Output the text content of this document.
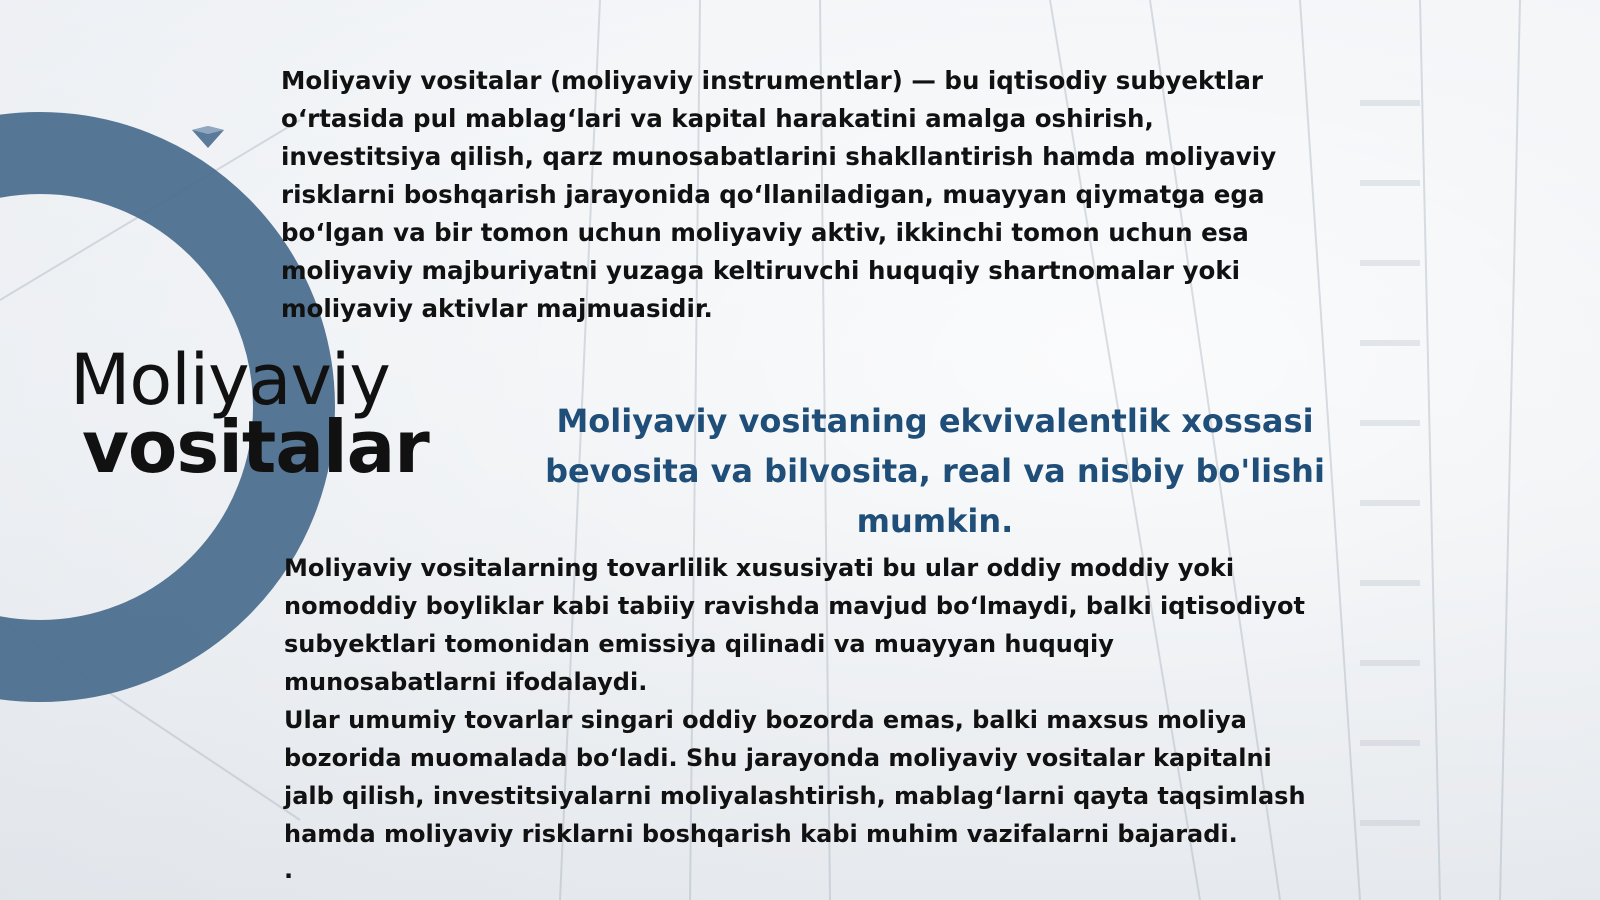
Moliyaviy
vositalar

Moliyaviy vositalar (moliyaviy instrumentlar) — bu iqtisodiy subyektlar o‘rtasida pul mablag‘lari va kapital harakatini amalga oshirish, investitsiya qilish, qarz munosabatlarini shakllantirish hamda moliyaviy risklarni boshqarish jarayonida qo‘llaniladigan, muayyan qiymatga ega bo‘lgan va bir tomon uchun moliyaviy aktiv, ikkinchi tomon uchun esa moliyaviy majburiyatni yuzaga keltiruvchi huquqiy shartnomalar yoki moliyaviy aktivlar majmuasidir.

Moliyaviy vositaning ekvivalentlik xossasi bevosita va bilvosita, real va nisbiy bo'lishi mumkin.

Moliyaviy vositalarning tovarlilik xususiyati bu ular oddiy moddiy yoki nomoddiy boyliklar kabi tabiiy ravishda mavjud bo‘lmaydi, balki iqtisodiyot subyektlari tomonidan emissiya qilinadi va muayyan huquqiy munosabatlarni ifodalaydi.
Ular umumiy tovarlar singari oddiy bozorda emas, balki maxsus moliya bozorida muomalada bo‘ladi. Shu jarayonda moliyaviy vositalar kapitalni jalb qilish, investitsiyalarni moliyalashtirish, mablag‘larni qayta taqsimlash hamda moliyaviy risklarni boshqarish kabi muhim vazifalarni bajaradi.
.
